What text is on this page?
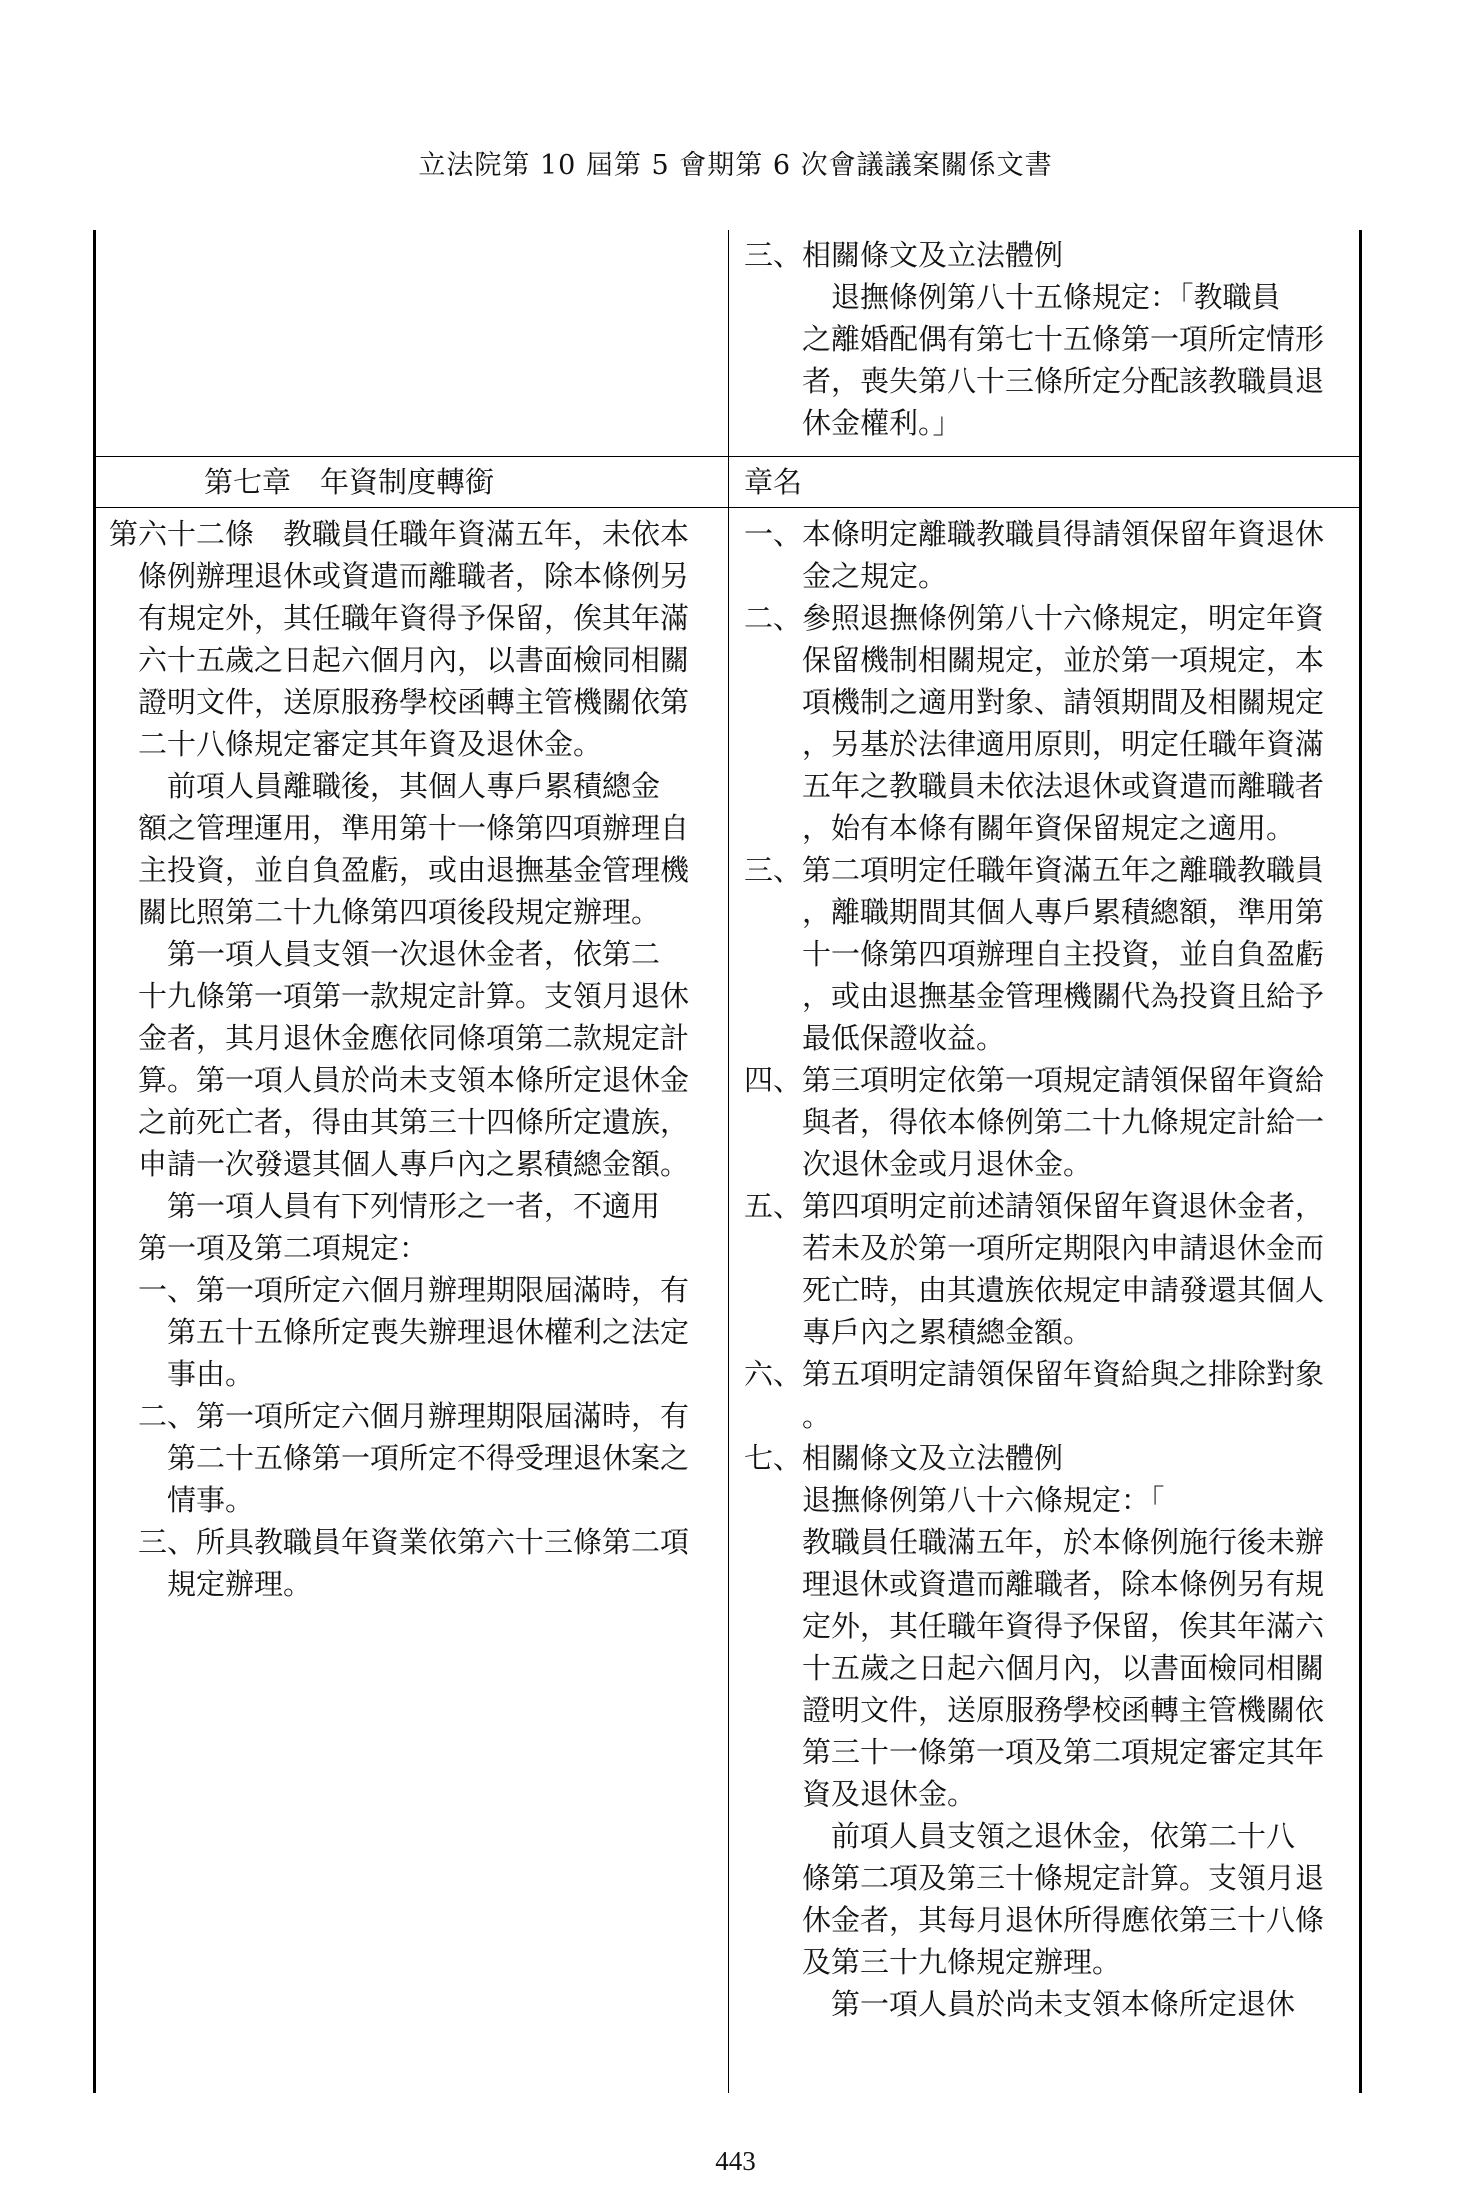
立法院第 10 屆第 5 會期第 6 次會議議案關係文書
三、相關條文及立法體例
　　　退撫條例第八十五條規定：「教職員
　　之離婚配偶有第七十五條第一項所定情形
　　者，喪失第八十三條所定分配該教職員退
　　休金權利。」
第七章　年資制度轉銜	章名
第六十二條　教職員任職年資滿五年，未依本
　條例辦理退休或資遣而離職者，除本條例另
　有規定外，其任職年資得予保留，俟其年滿
　六十五歲之日起六個月內，以書面檢同相關
　證明文件，送原服務學校函轉主管機關依第
　二十八條規定審定其年資及退休金。
　　前項人員離職後，其個人專戶累積總金
　額之管理運用，準用第十一條第四項辦理自
　主投資，並自負盈虧，或由退撫基金管理機
　關比照第二十九條第四項後段規定辦理。
　　第一項人員支領一次退休金者，依第二
　十九條第一項第一款規定計算。支領月退休
　金者，其月退休金應依同條項第二款規定計
　算。第一項人員於尚未支領本條所定退休金
　之前死亡者，得由其第三十四條所定遺族，
　申請一次發還其個人專戶內之累積總金額。
　　第一項人員有下列情形之一者，不適用
　第一項及第二項規定：
　一、第一項所定六個月辦理期限屆滿時，有
　　第五十五條所定喪失辦理退休權利之法定
　　事由。
　二、第一項所定六個月辦理期限屆滿時，有
　　第二十五條第一項所定不得受理退休案之
　　情事。
　三、所具教職員年資業依第六十三條第二項
　　規定辦理。
一、本條明定離職教職員得請領保留年資退休
　　金之規定。
二、參照退撫條例第八十六條規定，明定年資
　　保留機制相關規定，並於第一項規定，本
　　項機制之適用對象、請領期間及相關規定
　　，另基於法律適用原則，明定任職年資滿
　　五年之教職員未依法退休或資遣而離職者
　　，始有本條有關年資保留規定之適用。
三、第二項明定任職年資滿五年之離職教職員
　　，離職期間其個人專戶累積總額，準用第
　　十一條第四項辦理自主投資，並自負盈虧
　　，或由退撫基金管理機關代為投資且給予
　　最低保證收益。
四、第三項明定依第一項規定請領保留年資給
　　與者，得依本條例第二十九條規定計給一
　　次退休金或月退休金。
五、第四項明定前述請領保留年資退休金者，
　　若未及於第一項所定期限內申請退休金而
　　死亡時，由其遺族依規定申請發還其個人
　　專戶內之累積總金額。
六、第五項明定請領保留年資給與之排除對象
　　。
七、相關條文及立法體例
　　退撫條例第八十六條規定：「
　　教職員任職滿五年，於本條例施行後未辦
　　理退休或資遣而離職者，除本條例另有規
　　定外，其任職年資得予保留，俟其年滿六
　　十五歲之日起六個月內，以書面檢同相關
　　證明文件，送原服務學校函轉主管機關依
　　第三十一條第一項及第二項規定審定其年
　　資及退休金。
　　　前項人員支領之退休金，依第二十八
　　條第二項及第三十條規定計算。支領月退
　　休金者，其每月退休所得應依第三十八條
　　及第三十九條規定辦理。
　　　第一項人員於尚未支領本條所定退休
443
